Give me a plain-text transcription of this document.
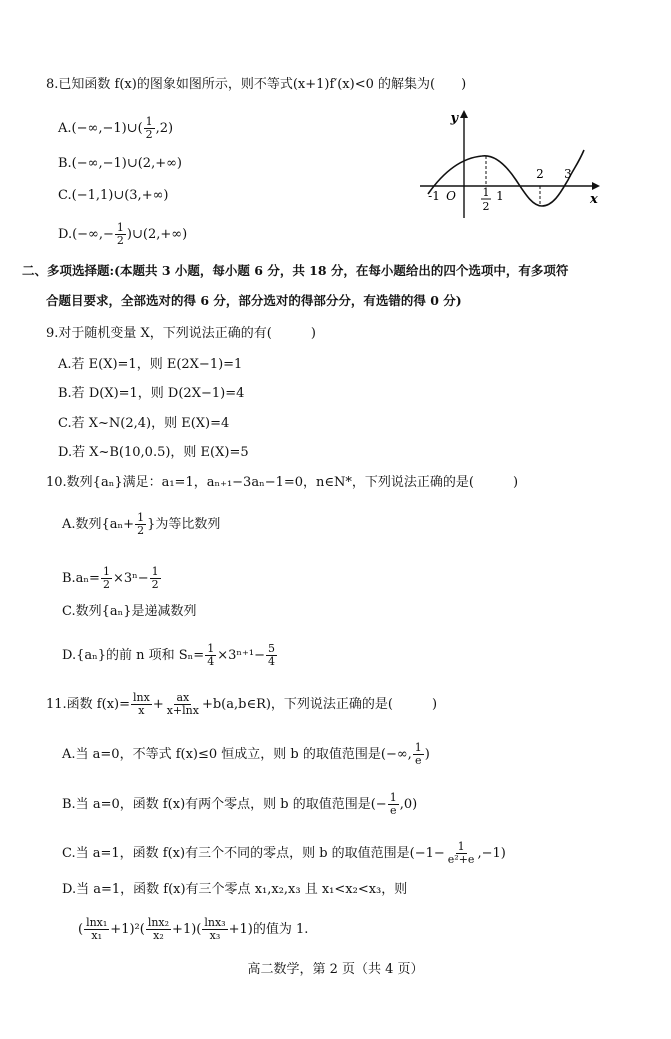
8.已知函数 f(x)的图象如图所示，则不等式(x+1)f′(x)<0 的解集为(　　)
A.(−∞,−1)∪( $\frac{1}{2} ,2$)
B.(−∞,−1)∪(2,+∞)
C.(−1,1)∪(3,+∞)
$D.(-\infty,- \frac{1}{2}$ )∪(2,+∞)
y
x
O
-1	1
2
1
2 3
二、多项选择题:(本题共 3 小题，每小题 6 分，共 18 分，在每小题给出的四个选项中，有多项符
合题目要求，全部选对的得 6 分，部分选对的得部分分，有选错的得 0 分)
9.对于随机变量 X，下列说法正确的有(　　　)
A.若 E(X)=1，则 E(2X−1)=1
B.若 D(X)=1，则 D(2X−1)=4
C.若 X~N(2,4)，则 E(X)=4
D.若 X~B(10,0.5)，则 E(X)=5
10.数列{aₙ}满足：a₁=1，aₙ₊₁−3aₙ−1=0，n∈N*，下列说法正确的是(　　　)
A.数列{$a_n+ \frac{1}{2}$ }为等比数列
$B.a_n= \frac{1}{2} \times 3^n- \frac{1}{2}$
C.数列{aₙ}是递减数列
D.{aₙ}的前 n 项和 $S_n= \frac{1}{4} \times 3^{n+1}- \frac{5}{4}$
11.函数 $f(x)= \frac{\ln x}{x} + \frac{ax}{x+\ln x}$ +b(a,b∈R)，下列说法正确的是(　　　)
A.当 a=0，不等式 f(x)≤0 恒成立，则 b 的取值范围是(−∞, $\frac{1}{e}$ )
B.当 a=0，函数 f(x)有两个零点，则 b 的取值范围是(− $\frac{1}{e} ,0$)
C.当 a=1，函数 f(x)有三个不同的零点，则 b 的取值范围是$(-1- \frac{1}{\text{e²+e}} ,-1)$
D.当 a=1，函数 f(x)有三个零点 x₁,x₂,x₃ 且 x₁<x₂<x₃，则
( $\frac{\text{lnx₁}}{\text{x₁}} +1)^2( \frac{\text{lnx₂}}{\text{x₂}} +1)( \frac{\text{lnx₃}}{\text{x₃}} +1)$的值为 1.
高二数学，第 2 页（共 4 页）
